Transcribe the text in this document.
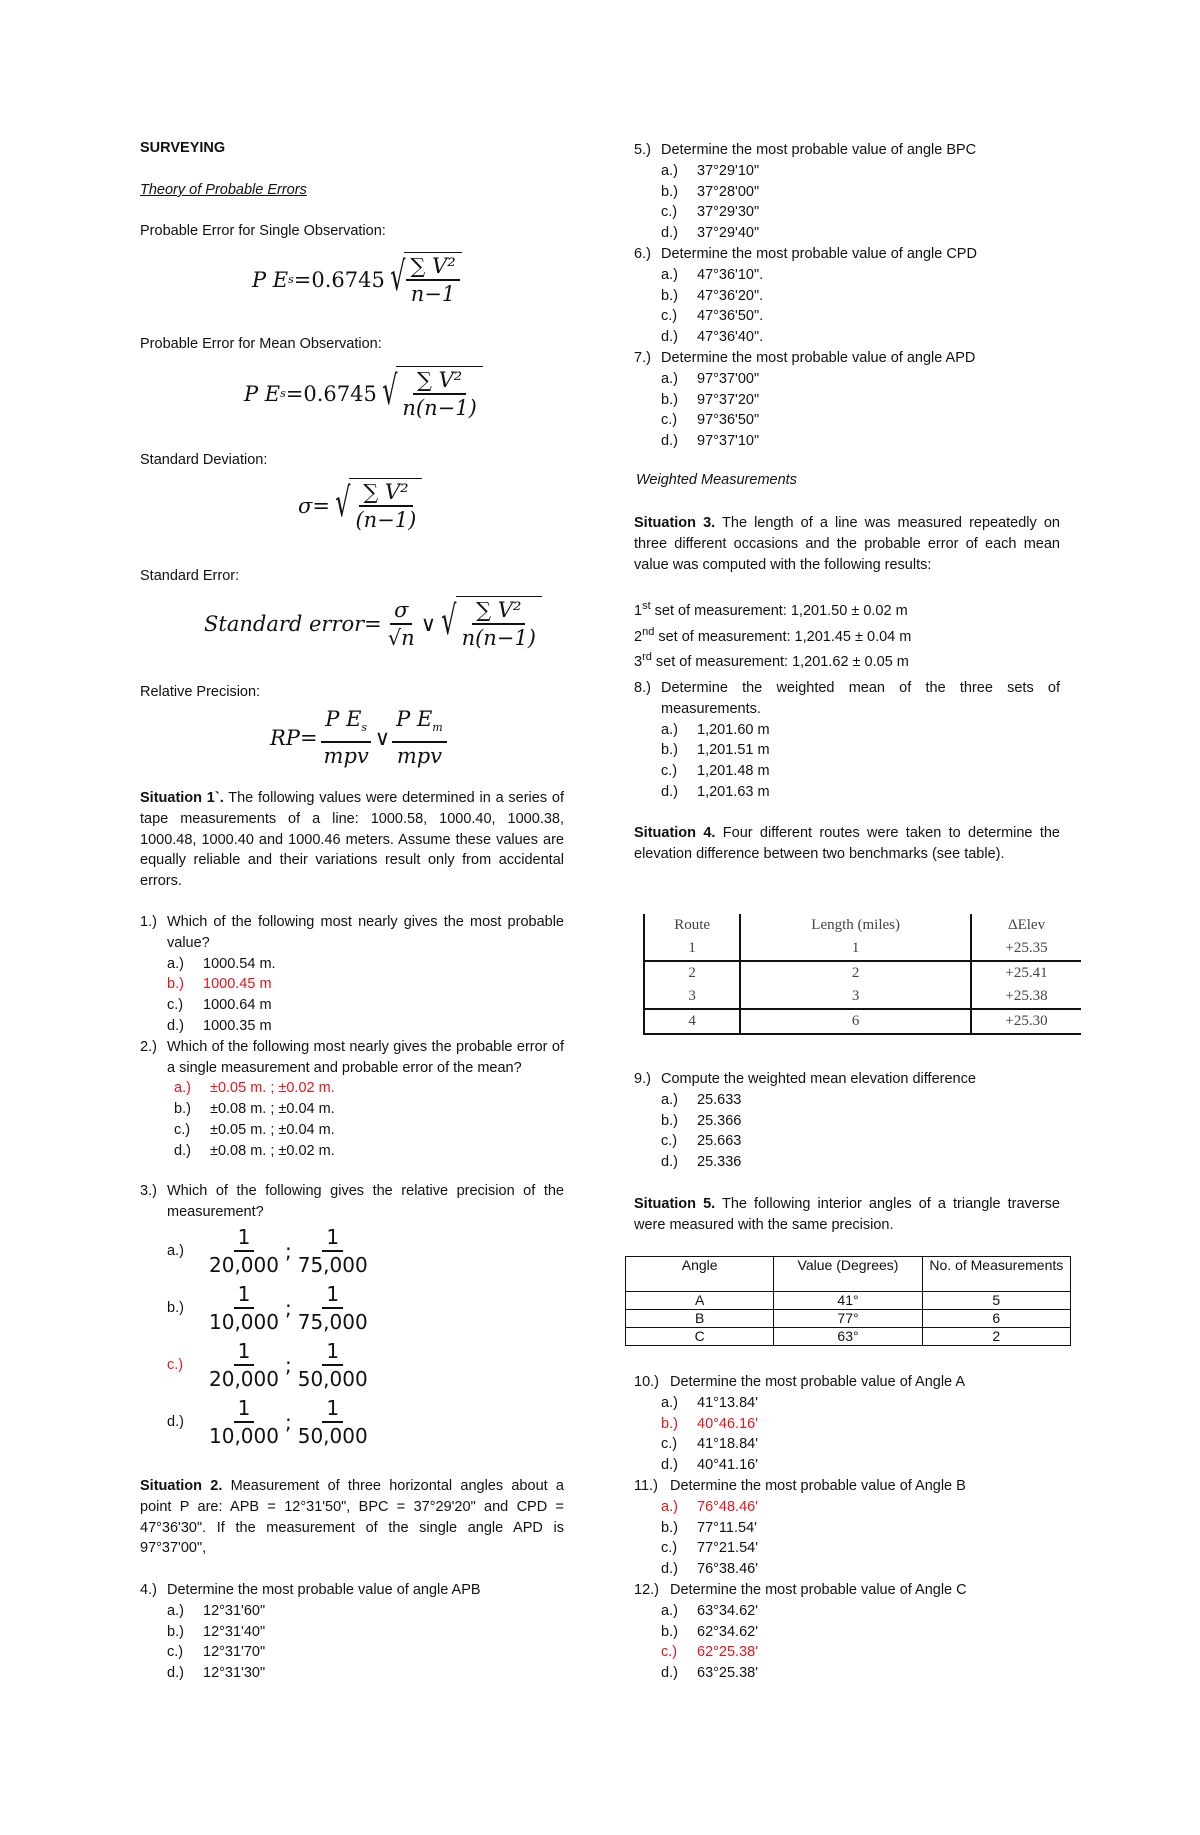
SURVEYING
Theory of Probable Errors
Probable Error for Single Observation:
P E s =0.6745 √ $\frac{\text{∑ V²}}{n-1}$
Probable Error for Mean Observation:
P E s =0.6745 √ $\frac{\text{∑ V²}}{n(n-1)}$
Standard Deviation:
σ= √ $\frac{\text{∑ V²}}{(n-1)}$
Standard Error:
Standard error= $\frac{\sigma}{√n}$ ∨ √ $\frac{\text{∑ V²}}{n(n-1)}$
Relative Precision:
$RP= \frac{P E_s}{\text{mpv}}$ ∨ $\frac{P E_m}{\text{mpv}}$
Situation 1`. The following values were determined in a series of tape measurements of a line: 1000.58, 1000.40, 1000.38, 1000.48, 1000.40 and 1000.46 meters. Assume these values are equally reliable and their variations result only from accidental errors.
1.) Which of the following most nearly gives the most probable value?
a.)	1000.54 m.
b.)	1000.45 m
c.)	1000.64 m
d.)	1000.35 m
2.) Which of the following most nearly gives the probable error of a single measurement and probable error of the mean?
a.)	±0.05 m. ; ±0.02 m.
b.)	±0.08 m. ; ±0.04 m.
c.)	±0.05 m. ; ±0.04 m.
d.)	±0.08 m. ; ±0.02 m.
3.) Which of the following gives the relative precision of the measurement?
a.)	$\frac{1}{20,000}$ ; $\frac{1}{75,000}$
b.)	$\frac{1}{10,000}$ ; $\frac{1}{75,000}$
c.)	$\frac{1}{20,000}$ ; $\frac{1}{50,000}$
d.)	$\frac{1}{10,000}$ ; $\frac{1}{50,000}$
Situation 2. Measurement of three horizontal angles about a point P are: APB = 12°31'50", BPC = 37°29'20" and CPD = 47°36'30". If the measurement of the single angle APD is 97°37'00",
4.) Determine the most probable value of angle APB
a.)	12°31'60"
b.)	12°31'40"
c.)	12°31'70"
d.)	12°31'30"
5.) Determine the most probable value of angle BPC
a.)	37°29'10"
b.)	37°28'00"
c.)	37°29'30"
d.)	37°29'40"
6.) Determine the most probable value of angle CPD
a.)	47°36'10".
b.)	47°36'20".
c.)	47°36'50".
d.)	47°36'40".
7.) Determine the most probable value of angle APD
a.)	97°37'00"
b.)	97°37'20"
c.)	97°36'50"
d.)	97°37'10"
Weighted Measurements
Situation 3. The length of a line was measured repeatedly on three different occasions and the probable error of each mean value was computed with the following results:
1st set of measurement: 1,201.50 ± 0.02 m
2nd set of measurement: 1,201.45 ± 0.04 m
3rd set of measurement: 1,201.62 ± 0.05 m
8.) Determine the weighted mean of the three sets of measurements.
a.)	1,201.60 m
b.)	1,201.51 m
c.)	1,201.48 m
d.)	1,201.63 m
Situation 4. Four different routes were taken to determine the elevation difference between two benchmarks (see table).
Route	Length (miles)	ΔElev
1	1	+25.35
2	2	+25.41
3	3	+25.38
4	6	+25.30
9.) Compute the weighted mean elevation difference
a.)	25.633
b.)	25.366
c.)	25.663
d.)	25.336
Situation 5. The following interior angles of a triangle traverse were measured with the same precision.
Angle	Value (Degrees)	No. of Measurements
A	41°	5
B	77°	6
C	63°	2
10.) Determine the most probable value of Angle A
a.)	41°13.84'
b.)	40°46.16'
c.)	41°18.84'
d.)	40°41.16'
11.) Determine the most probable value of Angle B
a.)	76°48.46'
b.)	77°11.54'
c.)	77°21.54'
d.)	76°38.46'
12.) Determine the most probable value of Angle C
a.)	63°34.62'
b.)	62°34.62'
c.)	62°25.38'
d.)	63°25.38'
